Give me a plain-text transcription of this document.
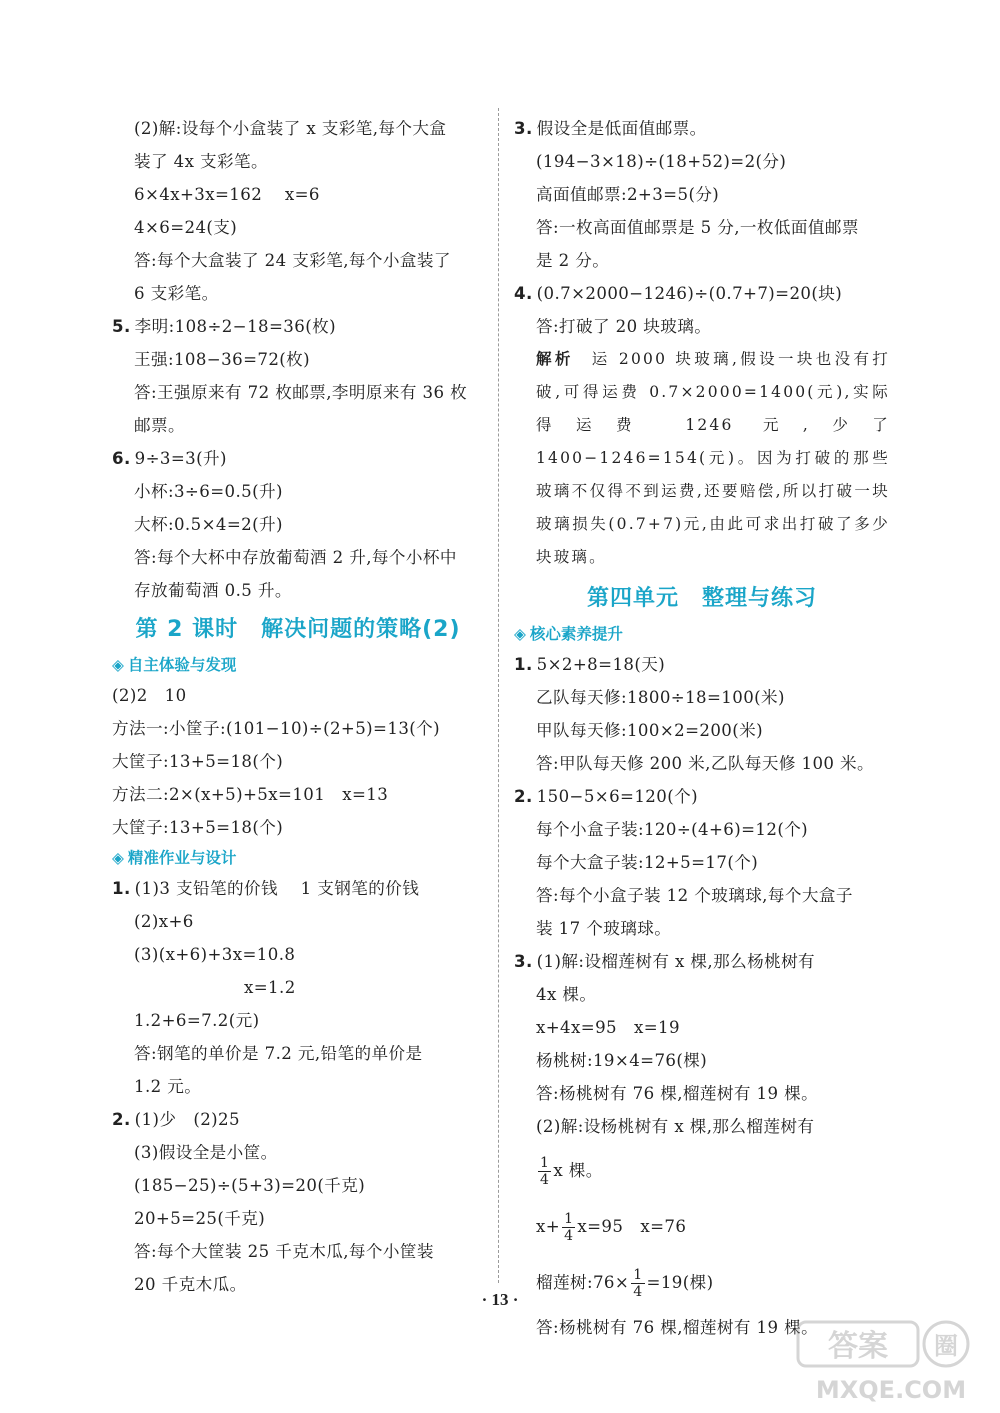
(2)解:设每个小盒装了 x 支彩笔,每个大盒
装了 4x 支彩笔。
6×4x+3x=162　 x=6
4×6=24(支)
答:每个大盒装了 24 支彩笔,每个小盒装了
6 支彩笔。
5. 李明:108÷2−18=36(枚)
王强:108−36=72(枚)
答:王强原来有 72 枚邮票,李明原来有 36 枚
邮票。
6. 9÷3=3(升)
小杯:3÷6=0.5(升)
大杯:0.5×4=2(升)
答:每个大杯中存放葡萄酒 2 升,每个小杯中
存放葡萄酒 0.5 升。
第 2 课时　解决问题的策略(2)
◈ 自主体验与发现
(2)2　10
方法一:小筐子:(101−10)÷(2+5)=13(个)
大筐子:13+5=18(个)
方法二:2×(x+5)+5x=101　x=13
大筐子:13+5=18(个)
◈ 精准作业与设计
1. (1)3 支铅笔的价钱　 1 支钢笔的价钱
(2)x+6
(3)(x+6)+3x=10.8
x=1.2
1.2+6=7.2(元)
答:钢笔的单价是 7.2 元,铅笔的单价是
1.2 元。
2. (1)少　(2)25
(3)假设全是小筐。
(185−25)÷(5+3)=20(千克)
20+5=25(千克)
答:每个大筐装 25 千克木瓜,每个小筐装
20 千克木瓜。
3. 假设全是低面值邮票。
(194−3×18)÷(18+52)=2(分)
高面值邮票:2+3=5(分)
答:一枚高面值邮票是 5 分,一枚低面值邮票
是 2 分。
4. (0.7×2000−1246)÷(0.7+7)=20(块)
答:打破了 20 块玻璃。
解析 运 2000 块玻璃,假设一块也没有打破,可得运费 0.7×2000=1400(元),实际得运费 1246 元,少了 1400−1246=154(元)。因为打破的那些玻璃不仅得不到运费,还要赔偿,所以打破一块玻璃损失(0.7+7)元,由此可求出打破了多少块玻璃。
第四单元　整理与练习
◈ 核心素养提升
1. 5×2+8=18(天)
乙队每天修:1800÷18=100(米)
甲队每天修:100×2=200(米)
答:甲队每天修 200 米,乙队每天修 100 米。
2. 150−5×6=120(个)
每个小盒子装:120÷(4+6)=12(个)
每个大盒子装:12+5=17(个)
答:每个小盒子装 12 个玻璃球,每个大盒子
装 17 个玻璃球。
3. (1)解:设榴莲树有 x 棵,那么杨桃树有
4x 棵。
x+4x=95　x=19
杨桃树:19×4=76(棵)
答:杨桃树有 76 棵,榴莲树有 19 棵。
(2)解:设杨桃树有 x 棵,那么榴莲树有
$\frac{1}{4}$ x 棵。
$x+ \frac{1}{4} x=95$　x=76
榴莲树:76× $\frac{1}{4} =19$(棵)
答:杨桃树有 76 棵,榴莲树有 19 棵。
· 13 ·
答案 圈
MXQE.COM
